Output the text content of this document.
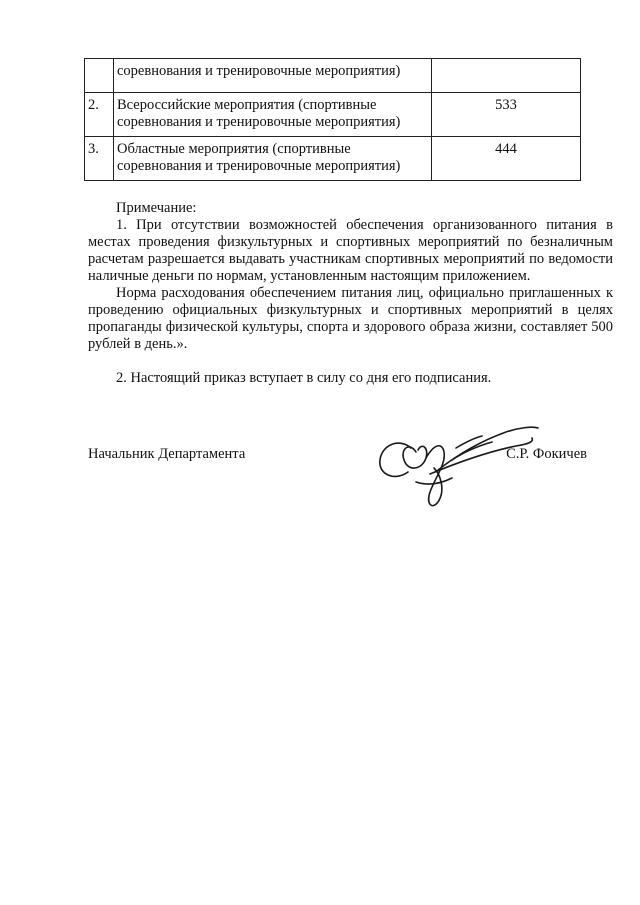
	соревнования и тренировочные мероприятия)	
2.	Всероссийские мероприятия (спортивные
соревнования и тренировочные мероприятия)	533
3.	Областные мероприятия (спортивные
соревнования и тренировочные мероприятия)	444

Примечание:

1. При отсутствии возможностей обеспечения организованного питания в местах проведения физкультурных и спортивных мероприятий по безналичным расчетам разрешается выдавать участникам спортивных мероприятий по ведомости наличные деньги по нормам, установленным настоящим приложением.

Норма расходования обеспечением питания лиц, официально приглашенных к проведению официальных физкультурных и спортивных мероприятий в целях пропаганды физической культуры, спорта и здорового образа жизни, составляет 500 рублей в день.».

2. Настоящий приказ вступает в силу со дня его подписания.

Начальник Департамента	С.Р. Фокичев
